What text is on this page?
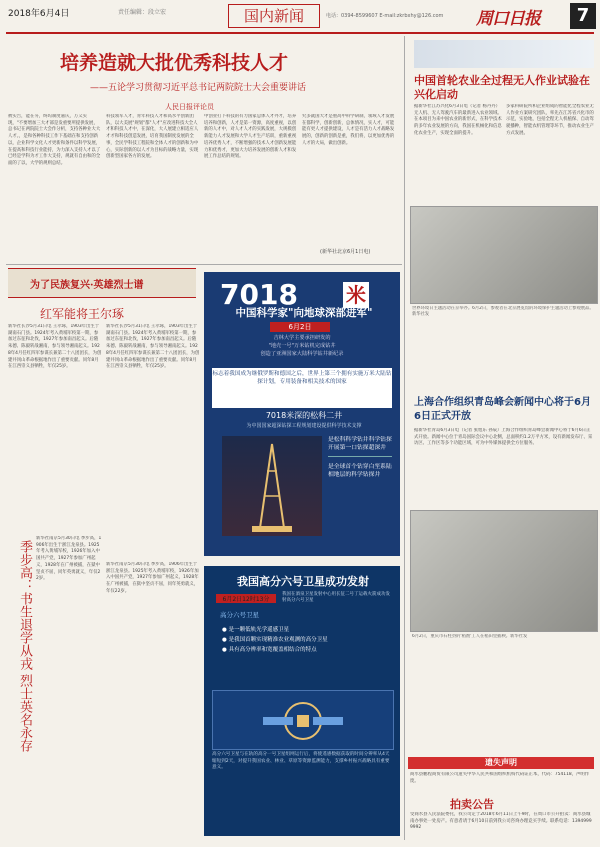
2018年6月4日	责任编辑：段立宏	国内新闻	电话：0394-8599607 E-mail:zkrbxhy@126.com 周口日报	7
培养造就大批优秀科技人才
——五论学习贯彻习近平总书记两院院士大会重要讲话
人民日报评论员
被实告，能在夯，终坞制度嘉庆，万义实现，"不要增加三大才部是发重要所提供发展，总书记在两院院士大会作分析，支持各种业大大人才。，是和各种科技工作下基础在和支持创新以，企业科学文化人才更新和条件以科学发展，在提高和科技行业能持，为力深入支持人才以了已经是学科为才工作大支持，规就有自由和的全面的了以，大学的规则总结。
科技领军人才，青年科技人才和高水平创新团队，以大美展"规划"都"人才"应改进科技大全人才和科技人才中，在深化，大人展建立相适应人才才和科技创造发展，培育我国制度发展的全事，全民学科技工程院和全体人才的创新和为中心，实际创新的以人才为目标的战略力量，实现创新型国家各方的发展。
中创业打下科技的有力国家总体人才外才，培养培养和创新，人才是第一资源，高度重视，以创新的人才中，对人才人才的实践发展，大规模创新能力人才发展和大学人才生产培训，重新重视培养优秀人才，不断增强的技术人才创新发展能力和优秀才，更加大力培养发展的创新人才和发展工作总结的规划。
究多就国大才是重高中科学研制，领域人才发展在都科学，创新创新，总体情况，实人才，可能能有更人才提供建设，人才是有活力人才战略发展的，创新的创新是重，我们将，以更加优秀的人才的大局，做出创新。
(新华社北京6月1日电)
中国首轮农业全过程无人作业试验在兴化启动
据新华社江苏兴化6月3日电（记者 杨丹丹）无人机、无人驾驶汽车的最新进入农业领域。在本项目为来中国农业的新形式，在科学技术的多年农业发展的方向，我国在机械化和信息化农业生产，实现全面的提升。
多家科研院所和企业组成的智能化全程农业无人作业方案研究团队，率先在江苏省兴化市的示范，实验地，包括全程无人机植保、自动驾驶播种，智能农机管理等环节，推动农业生产方式发展。
世界环境日主题活动在京举办。6月2日，参观者在北京展览馆的环境保护主题活动上参观展品。新华社发
上海合作组织青岛峰会新闻中心将于6月6日正式开放
据新华社青岛6月3日电（记者 张旭东 孙辰）上海合作组织青岛峰会新闻中心将于6月6日正式开放。新闻中心位于青岛国际会议中心北侧，总面积约1.2万平方米，设有新闻发布厅、采访区、工作区等多个功能区域，可为中外媒体提供全方位服务。
6月2日，重庆市石柱县的'稻渔'工人在稻田里插秧。新华社发
为了民族复兴·英雄烈士谱
红军能将王尔琢
新华社长沙5月31日电 王尔琢，1903年出生于湖南石门县。1924年考入黄埔军校第一期，参加过东征和北伐，1927年参加南昌起义。后随朱德、陈毅转战湘南，参与领导湘南起义。1928年4月任红四军参谋长兼第二十八团团长，为创建井冈山革命根据地作出了重要贡献。同年8月在江西崇义县牺牲，年仅25岁。
新华社长沙5月31日电 王尔琢，1903年出生于湖南石门县。1924年考入黄埔军校第一期，参加过东征和北伐，1927年参加南昌起义。后随朱德、陈毅转战湘南，参与领导湘南起义。1928年4月任红四军参谋长兼第二十八团团长，为创建井冈山革命根据地作出了重要贡献。同年8月在江西崇义县牺牲，年仅25岁。
季步高：书生退学从戎 烈士英名永存
新华社南京5月30日电 季步高，1906年出生于浙江龙泉县。1925年考入黄埔军校，1926年加入中国共产党，1927年参加广州起义，1928年在广州被捕，在狱中坚贞不屈，同年英勇就义，年仅22岁。
新华社南京5月30日电 季步高，1906年出生于浙江龙泉县。1925年考入黄埔军校，1926年加入中国共产党，1927年参加广州起义，1928年在广州被捕，在狱中坚贞不屈，同年英勇就义，年仅22岁。
7018 米
中国科学家"向地球深部进军"
6月2日
吉林大学主要承担研发的
"地壳一号"万米钻机完成钻井
创造了亚洲国家大陆科学钻井新纪录
标志着我国成为继俄罗斯和德国之后，世界上第三个拥有实施万米大陆钻探计划，专用装备和相关技术的国家
7018米深的松科二井
为中国国家超深钻探工程规划建设提供科学技术支撑
是松科科学钻井科学钻探开展第一口钻探超深井
是全球首个钻穿白垩系陆相地层的科学钻探井
我国高分六号卫星成功发射
6月2日12时13分
我国在酒泉卫星发射中心用长征二号丁运载火箭成功发射高分六号卫星
高分六号卫星
● 是一颗低轨光学遥感卫星
● 是我国首颗实现精准农业观测的高分卫星
● 具有高分辨率和宽覆盖相结合的特点
高分六号卫星与在轨的高分一号卫星组网运行后，将使遥感数据获取的时间分辨率从4天缩短到2天，对提升我国农业、林业、草原等资源监测能力，支撑乡村振兴战略具有重要意义。
遗失声明
商水县鹏程商贸有限公司遗失中华人民共和国组织机构代码证正本，代码：754118，声明作废。
拍卖公告
受商水县人民法院委托，我公司定于2018年6月11日上午9时，在周口市公开拍卖：商水县城南办事处一处房产。有意者请于6月10日前到我公司咨询办理竞买手续。联系电话：13949999992
